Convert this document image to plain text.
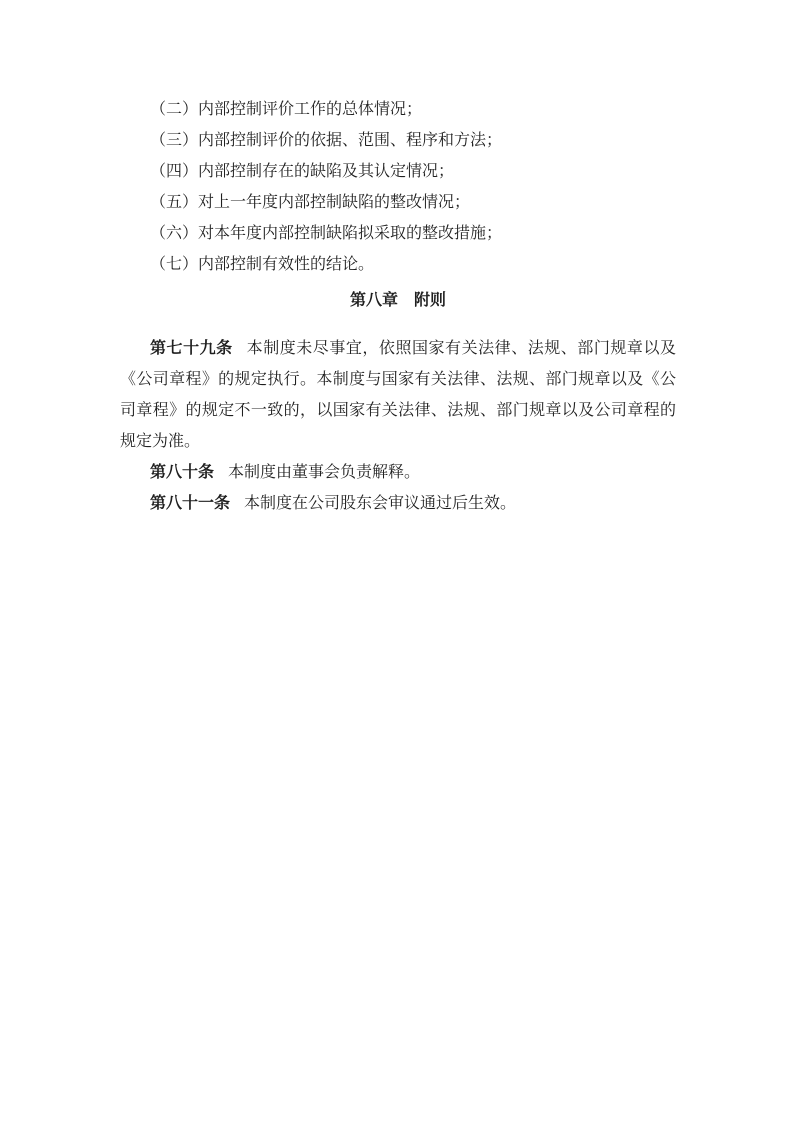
（二）内部控制评价工作的总体情况；

（三）内部控制评价的依据、范围、程序和方法；

（四）内部控制存在的缺陷及其认定情况；

（五）对上一年度内部控制缺陷的整改情况；

（六）对本年度内部控制缺陷拟采取的整改措施；

（七）内部控制有效性的结论。

第八章　附则

第七十九条 本制度未尽事宜，依照国家有关法律、法规、部门规章以及《公司章程》的规定执行。本制度与国家有关法律、法规、部门规章以及《公司章程》的规定不一致的，以国家有关法律、法规、部门规章以及公司章程的规定为准。

第八十条 本制度由董事会负责解释。

第八十一条 本制度在公司股东会审议通过后生效。
